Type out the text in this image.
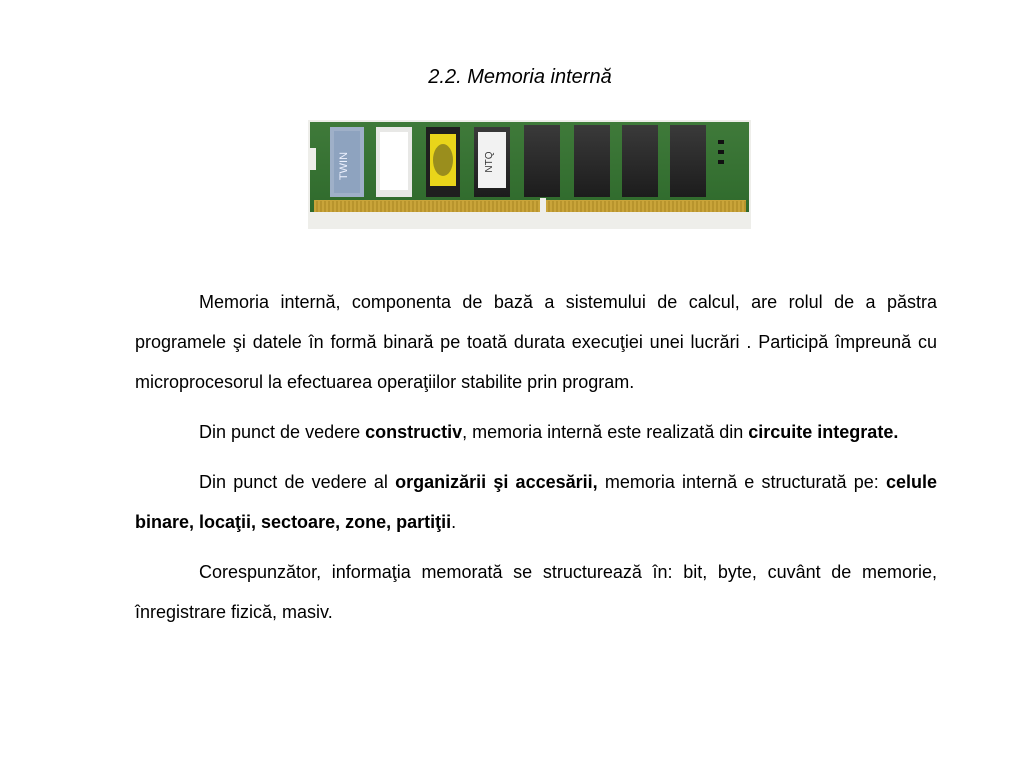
2.2. Memoria internă
TWIN	NTQ

Memoria internă, componenta de bază a sistemului de calcul, are rolul de a păstra programele şi datele în formă binară pe toată durata execuţiei unei lucrări . Participă împreună cu microprocesorul la efectuarea operaţiilor stabilite prin program.

Din punct de vedere constructiv, memoria internă este realizată din circuite integrate.

Din punct de vedere al organizării şi accesării, memoria internă e structurată pe: celule binare, locaţii, sectoare, zone, partiţii.

Corespunzător, informaţia memorată se structurează în: bit, byte, cuvânt de memorie, înregistrare fizică, masiv.
